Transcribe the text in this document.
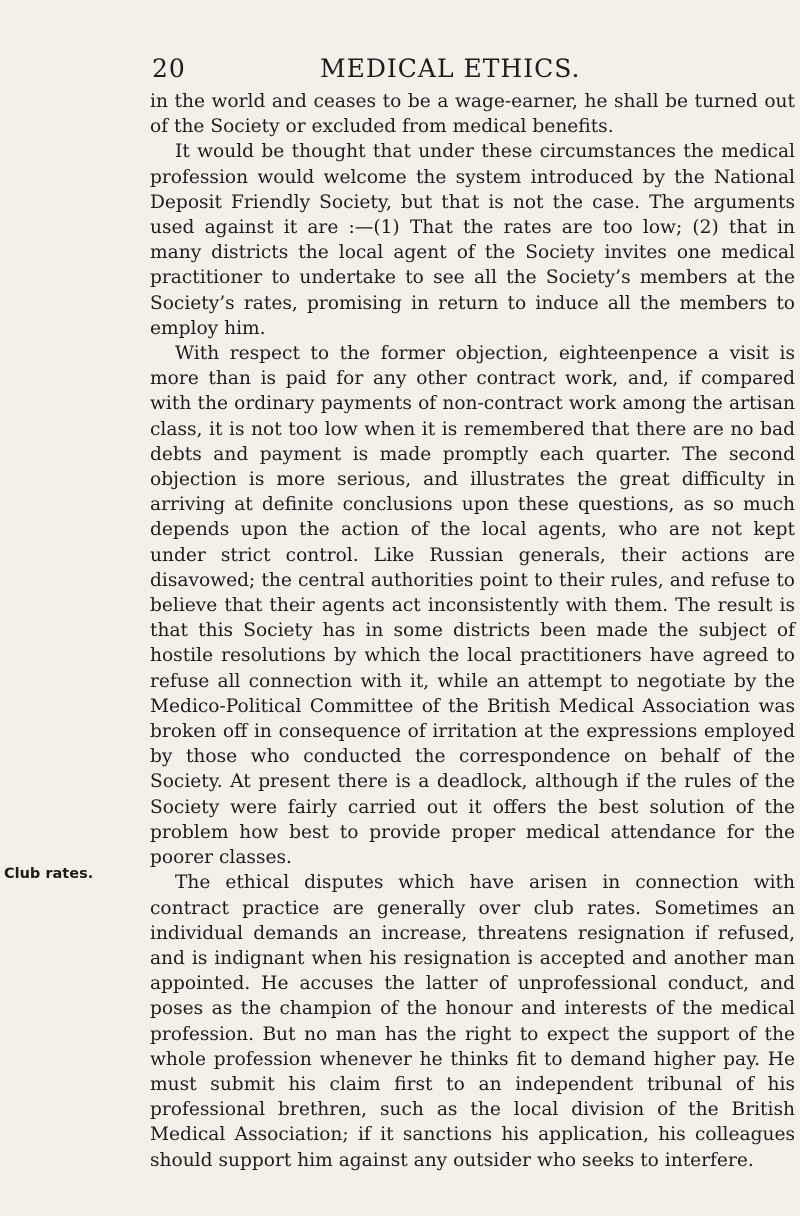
20	MEDICAL ETHICS.
Club rates.

in the world and ceases to be a wage-earner, he shall be turned out of the Society or excluded from medical benefits.

It would be thought that under these circumstances the medical profession would welcome the system introduced by the National Deposit Friendly Society, but that is not the case. The arguments used against it are :—(1) That the rates are too low; (2) that in many districts the local agent of the Society invites one medical practitioner to undertake to see all the Society’s members at the Society’s rates, promising in return to induce all the members to employ him.

With respect to the former objection, eighteenpence a visit is more than is paid for any other contract work, and, if compared with the ordinary payments of non-contract work among the artisan class, it is not too low when it is remembered that there are no bad debts and payment is made promptly each quarter. The second objection is more serious, and illustrates the great difficulty in arriving at definite conclusions upon these questions, as so much depends upon the action of the local agents, who are not kept under strict control. Like Russian generals, their actions are disavowed; the central authorities point to their rules, and refuse to believe that their agents act inconsistently with them. The result is that this Society has in some districts been made the subject of hostile resolutions by which the local practitioners have agreed to refuse all connection with it, while an attempt to negotiate by the Medico-Political Committee of the British Medical Association was broken off in consequence of irritation at the expressions employed by those who conducted the correspondence on behalf of the Society. At present there is a deadlock, although if the rules of the Society were fairly carried out it offers the best solution of the problem how best to provide proper medical attendance for the poorer classes.

The ethical disputes which have arisen in connection with contract practice are generally over club rates. Sometimes an individual demands an increase, threatens resignation if refused, and is indignant when his resignation is accepted and another man appointed. He accuses the latter of unprofessional conduct, and poses as the champion of the honour and interests of the medical profession. But no man has the right to expect the support of the whole profession whenever he thinks fit to demand higher pay. He must submit his claim first to an independent tribunal of his professional brethren, such as the local division of the British Medical Association; if it sanctions his application, his colleagues should support him against any outsider who seeks to interfere.
